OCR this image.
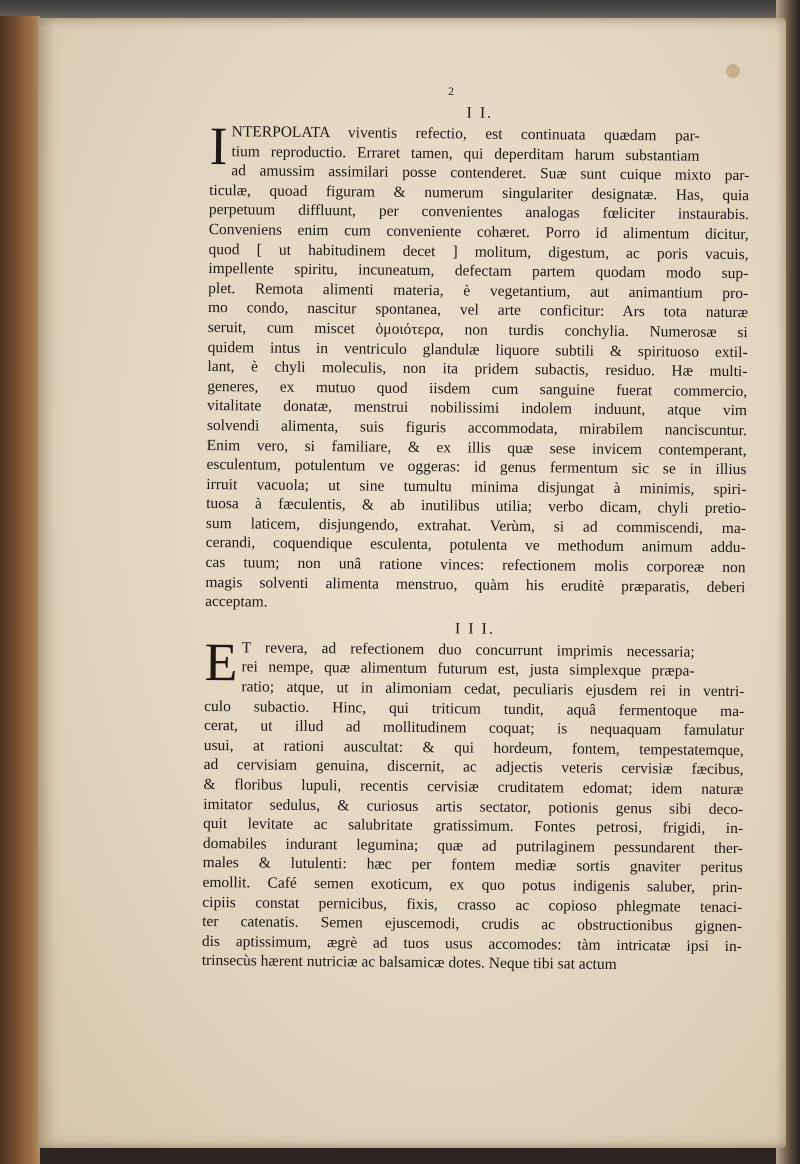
2
I I.
I NTERPOLATA viventis refectio, est continuata quædam par-
tium reproductio. Erraret tamen, qui deperditam harum substantiam
ad amussim assimilari posse contenderet. Suæ sunt cuique mixto par-
ticulæ, quoad figuram & numerum singulariter designatæ. Has, quia
perpetuum diffluunt, per convenientes analogas fœliciter instaurabis.
Conveniens enim cum conveniente cohæret. Porro id alimentum dicitur,
quod [ ut habitudinem decet ] molitum, digestum, ac poris vacuis,
impellente spiritu, incuneatum, defectam partem quodam modo sup-
plet. Remota alimenti materia, è vegetantium, aut animantium pro-
mo condo, nascitur spontanea, vel arte conficitur: Ars tota naturæ
seruit, cum miscet ὁμοιότερα, non turdis conchylia. Numerosæ si
quidem intus in ventriculo glandulæ liquore subtili & spirituoso extil-
lant, è chyli moleculis, non ita pridem subactis, residuo. Hæ multi-
generes, ex mutuo quod iisdem cum sanguine fuerat commercio,
vitalitate donatæ, menstrui nobilissimi indolem induunt, atque vim
solvendi alimenta, suis figuris accommodata, mirabilem nanciscuntur.
Enim vero, si familiare, & ex illis quæ sese invicem contemperant,
esculentum, potulentum ve oggeras: id genus fermentum sic se in illius
irruit vacuola; ut sine tumultu minima disjungat à minimis, spiri-
tuosa à fæculentis, & ab inutilibus utilia; verbo dicam, chyli pretio-
sum laticem, disjungendo, extrahat. Verùm, si ad commiscendi, ma-
cerandi, coquendique esculenta, potulenta ve methodum animum addu-
cas tuum; non unâ ratione vinces: refectionem molis corporeæ non
magis solventi alimenta menstruo, quàm his eruditè præparatis, deberi
acceptam.
I I I.
E T revera, ad refectionem duo concurrunt imprimis necessaria;
rei nempe, quæ alimentum futurum est, justa simplexque præpa-
ratio; atque, ut in alimoniam cedat, peculiaris ejusdem rei in ventri-
culo subactio. Hinc, qui triticum tundit, aquâ fermentoque ma-
cerat, ut illud ad mollitudinem coquat; is nequaquam famulatur
usui, at rationi auscultat: & qui hordeum, fontem, tempestatemque,
ad cervisiam genuina, discernit, ac adjectis veteris cervisiæ fæcibus,
& floribus lupuli, recentis cervisiæ cruditatem edomat; idem naturæ
imitator sedulus, & curiosus artis sectator, potionis genus sibi deco-
quit levitate ac salubritate gratissimum. Fontes petrosi, frigidi, in-
domabiles indurant legumina; quæ ad putrilaginem pessundarent ther-
males & lutulenti: hæc per fontem mediæ sortis gnaviter peritus
emollit. Café semen exoticum, ex quo potus indigenis saluber, prin-
cipiis constat pernicibus, fixis, crasso ac copioso phlegmate tenaci-
ter catenatis. Semen ejuscemodi, crudis ac obstructionibus gignen-
dis aptissimum, ægrè ad tuos usus accomodes: tàm intricatæ ipsi in-
trinsecùs hærent nutriciæ ac balsamicæ dotes. Neque tibi sat actum
